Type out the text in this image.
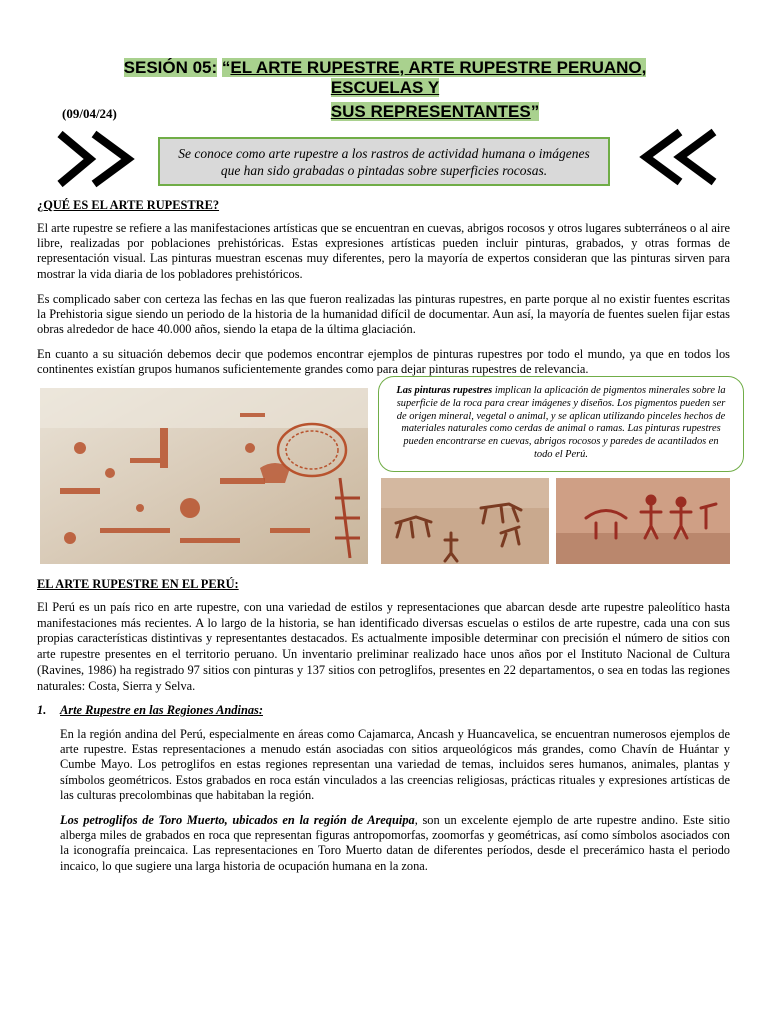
SESIÓN 05: “EL ARTE RUPESTRE, ARTE RUPESTRE PERUANO,
ESCUELAS Y
(09/04/24)	SUS REPRESENTANTES”
Se conoce como arte rupestre a los rastros de actividad humana o imágenes que han sido grabadas o pintadas sobre superficies rocosas.
¿QUÉ ES EL ARTE RUPESTRE?

El arte rupestre se refiere a las manifestaciones artísticas que se encuentran en cuevas, abrigos rocosos y otros lugares subterráneos o al aire libre, realizadas por poblaciones prehistóricas. Estas expresiones artísticas pueden incluir pinturas, grabados, y otras formas de representación visual. Las pinturas muestran escenas muy diferentes, pero la mayoría de expertos consideran que las pinturas sirven para mostrar la vida diaria de los pobladores prehistóricos.

Es complicado saber con certeza las fechas en las que fueron realizadas las pinturas rupestres, en parte porque al no existir fuentes escritas la Prehistoria sigue siendo un periodo de la historia de la humanidad difícil de documentar. Aun así, la mayoría de fuentes suelen fijar estas obras alrededor de hace 40.000 años, siendo la etapa de la última glaciación.

En cuanto a su situación debemos decir que podemos encontrar ejemplos de pinturas rupestres por todo el mundo, ya que en todos los continentes existían grupos humanos suficientemente grandes como para dejar pinturas rupestres de relevancia.

Las pinturas rupestres implican la aplicación de pigmentos minerales sobre la superficie de la roca para crear imágenes y diseños. Los pigmentos pueden ser de origen mineral, vegetal o animal, y se aplican utilizando pinceles hechos de materiales naturales como cerdas de animal o ramas. Las pinturas rupestres pueden encontrarse en cuevas, abrigos rocosos y paredes de acantilados en todo el Perú.
EL ARTE RUPESTRE EN EL PERÚ:

El Perú es un país rico en arte rupestre, con una variedad de estilos y representaciones que abarcan desde arte rupestre paleolítico hasta manifestaciones más recientes. A lo largo de la historia, se han identificado diversas escuelas o estilos de arte rupestre, cada una con sus propias características distintivas y representantes destacados. Es actualmente imposible determinar con precisión el número de sitios con arte rupestre presentes en el territorio peruano. Un inventario preliminar realizado hace unos años por el Instituto Nacional de Cultura (Ravines, 1986) ha registrado 97 sitios con pinturas y 137 sitios con petroglifos, presentes en 22 departamentos, o sea en todas las regiones naturales: Costa, Sierra y Selva.

1. Arte Rupestre en las Regiones Andinas:

En la región andina del Perú, especialmente en áreas como Cajamarca, Ancash y Huancavelica, se encuentran numerosos ejemplos de arte rupestre. Estas representaciones a menudo están asociadas con sitios arqueológicos más grandes, como Chavín de Huántar y Cumbe Mayo. Los petroglifos en estas regiones representan una variedad de temas, incluidos seres humanos, animales, plantas y símbolos geométricos. Estos grabados en roca están vinculados a las creencias religiosas, prácticas rituales y expresiones artísticas de las culturas precolombinas que habitaban la región.

Los petroglifos de Toro Muerto, ubicados en la región de Arequipa, son un excelente ejemplo de arte rupestre andino. Este sitio alberga miles de grabados en roca que representan figuras antropomorfas, zoomorfas y geométricas, así como símbolos asociados con la iconografía preincaica. Las representaciones en Toro Muerto datan de diferentes períodos, desde el precerámico hasta el periodo incaico, lo que sugiere una larga historia de ocupación humana en la zona.
